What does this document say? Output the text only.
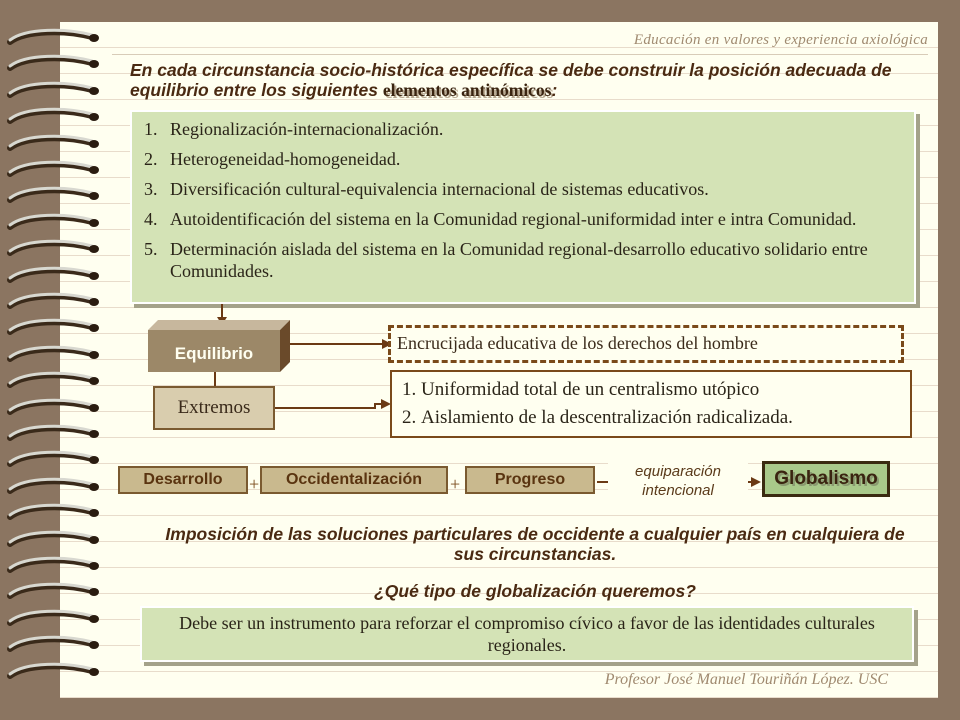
Educación en valores y experiencia axiológica
En cada circunstancia socio-histórica específica se debe construir la posición adecuada de equilibrio entre los siguientes elementos antinómicos:
1. Regionalización-internacionalización.
2. Heterogeneidad-homogeneidad.
3. Diversificación cultural-equivalencia internacional de sistemas educativos.
4. Autoidentificación del sistema en la Comunidad regional-uniformidad inter e intra Comunidad.
5. Determinación aislada del sistema en la Comunidad regional-desarrollo educativo solidario entre Comunidades.
Equilibrio
Encrucijada educativa de los derechos del hombre
Extremos
1. Uniformidad total de un centralismo utópico
2. Aislamiento de la descentralización radicalizada.
Desarrollo	+	Occidentalización	+	Progreso	equiparación
intencional
Globalismo
Imposición de las soluciones particulares de occidente a cualquier país en cualquiera de sus circunstancias.
¿Qué tipo de globalización queremos?
Debe ser un instrumento para reforzar el compromiso cívico a favor de las identidades culturales regionales.
Profesor José Manuel Touriñán López. USC
